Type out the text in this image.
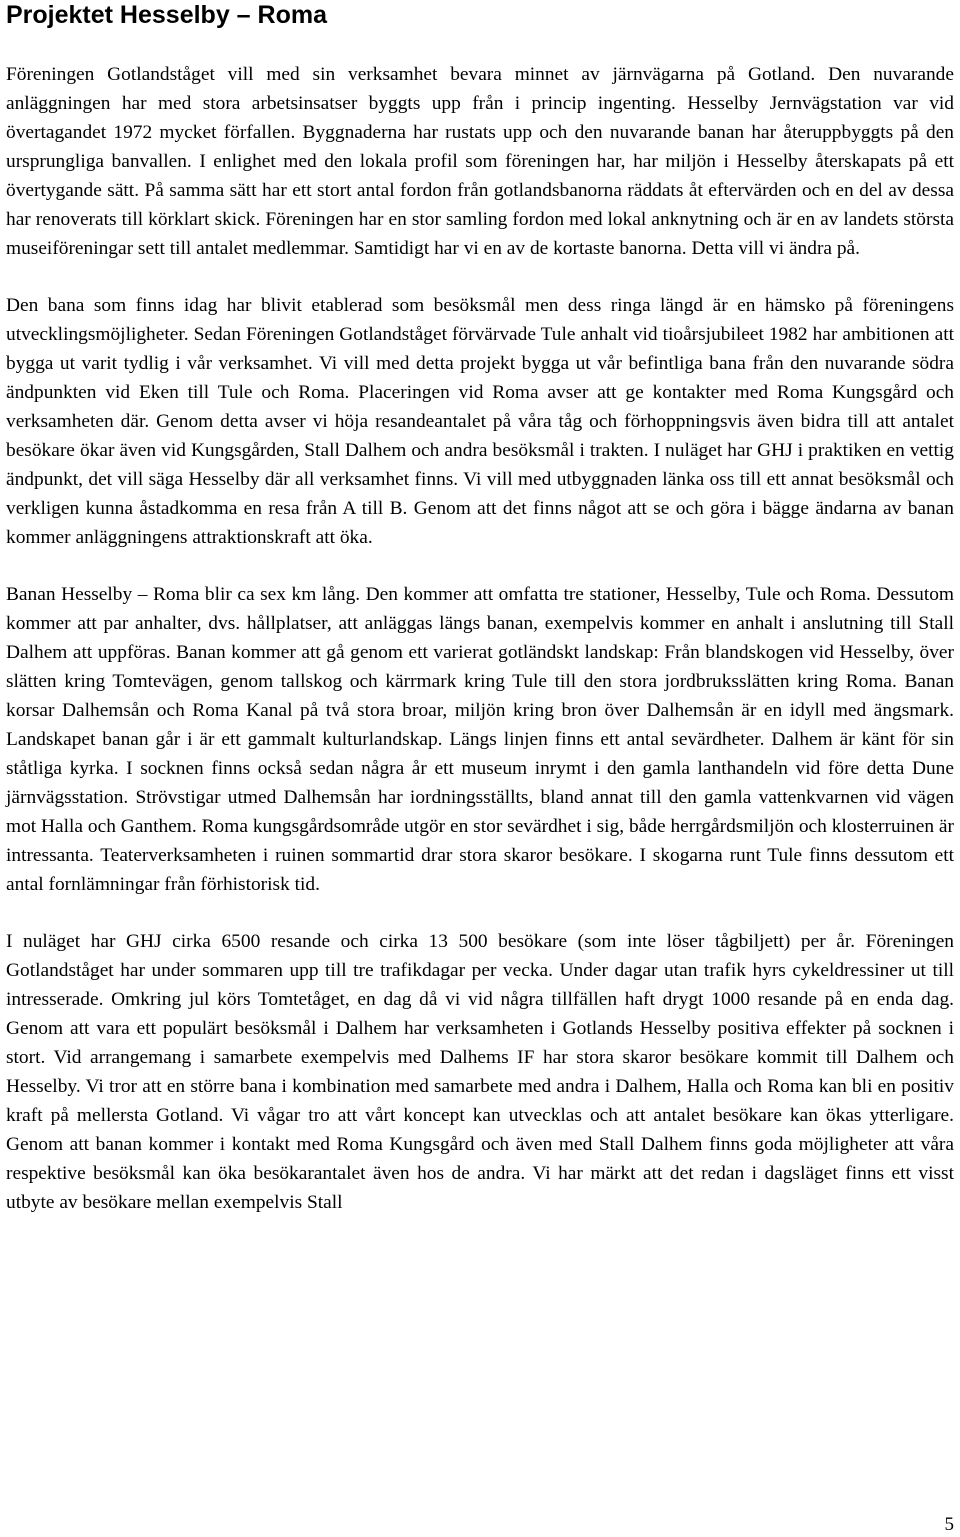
Projektet Hesselby – Roma

Föreningen Gotlandståget vill med sin verksamhet bevara minnet av järnvägarna på Gotland. Den nuvarande anläggningen har med stora arbetsinsatser byggts upp från i princip ingenting. Hesselby Jernvägstation var vid övertagandet 1972 mycket förfallen. Byggnaderna har rustats upp och den nuvarande banan har återuppbyggts på den ursprungliga banvallen. I enlighet med den lokala profil som föreningen har, har miljön i Hesselby återskapats på ett övertygande sätt. På samma sätt har ett stort antal fordon från gotlandsbanorna räddats åt eftervärden och en del av dessa har renoverats till körklart skick. Föreningen har en stor samling fordon med lokal anknytning och är en av landets största museiföreningar sett till antalet medlemmar. Samtidigt har vi en av de kortaste banorna. Detta vill vi ändra på.

Den bana som finns idag har blivit etablerad som besöksmål men dess ringa längd är en hämsko på föreningens utvecklingsmöjligheter. Sedan Föreningen Gotlandståget förvärvade Tule anhalt vid tioårsjubileet 1982 har ambitionen att bygga ut varit tydlig i vår verksamhet. Vi vill med detta projekt bygga ut vår befintliga bana från den nuvarande södra ändpunkten vid Eken till Tule och Roma. Placeringen vid Roma avser att ge kontakter med Roma Kungsgård och verksamheten där. Genom detta avser vi höja resandeantalet på våra tåg och förhoppningsvis även bidra till att antalet besökare ökar även vid Kungsgården, Stall Dalhem och andra besöksmål i trakten. I nuläget har GHJ i praktiken en vettig ändpunkt, det vill säga Hesselby där all verksamhet finns. Vi vill med utbyggnaden länka oss till ett annat besöksmål och verkligen kunna åstadkomma en resa från A till B. Genom att det finns något att se och göra i bägge ändarna av banan kommer anläggningens attraktionskraft att öka.

Banan Hesselby – Roma blir ca sex km lång. Den kommer att omfatta tre stationer, Hesselby, Tule och Roma. Dessutom kommer att par anhalter, dvs. hållplatser, att anläggas längs banan, exempelvis kommer en anhalt i anslutning till Stall Dalhem att uppföras. Banan kommer att gå genom ett varierat gotländskt landskap: Från blandskogen vid Hesselby, över slätten kring Tomtevägen, genom tallskog och kärrmark kring Tule till den stora jordbruksslätten kring Roma. Banan korsar Dalhemsån och Roma Kanal på två stora broar, miljön kring bron över Dalhemsån är en idyll med ängsmark. Landskapet banan går i är ett gammalt kulturlandskap. Längs linjen finns ett antal sevärdheter. Dalhem är känt för sin ståtliga kyrka. I socknen finns också sedan några år ett museum inrymt i den gamla lanthandeln vid före detta Dune järnvägsstation. Strövstigar utmed Dalhemsån har iordningsställts, bland annat till den gamla vattenkvarnen vid vägen mot Halla och Ganthem. Roma kungsgårdsområde utgör en stor sevärdhet i sig, både herrgårdsmiljön och klosterruinen är intressanta. Teaterverksamheten i ruinen sommartid drar stora skaror besökare. I skogarna runt Tule finns dessutom ett antal fornlämningar från förhistorisk tid.

I nuläget har GHJ cirka 6500 resande och cirka 13 500 besökare (som inte löser tågbiljett) per år. Föreningen Gotlandståget har under sommaren upp till tre trafikdagar per vecka. Under dagar utan trafik hyrs cykeldressiner ut till intresserade. Omkring jul körs Tomtetåget, en dag då vi vid några tillfällen haft drygt 1000 resande på en enda dag. Genom att vara ett populärt besöksmål i Dalhem har verksamheten i Gotlands Hesselby positiva effekter på socknen i stort. Vid arrangemang i samarbete exempelvis med Dalhems IF har stora skaror besökare kommit till Dalhem och Hesselby. Vi tror att en större bana i kombination med samarbete med andra i Dalhem, Halla och Roma kan bli en positiv kraft på mellersta Gotland. Vi vågar tro att vårt koncept kan utvecklas och att antalet besökare kan ökas ytterligare. Genom att banan kommer i kontakt med Roma Kungsgård och även med Stall Dalhem finns goda möjligheter att våra respektive besöksmål kan öka besökarantalet även hos de andra. Vi har märkt att det redan i dagsläget finns ett visst utbyte av besökare mellan exempelvis Stall

5
